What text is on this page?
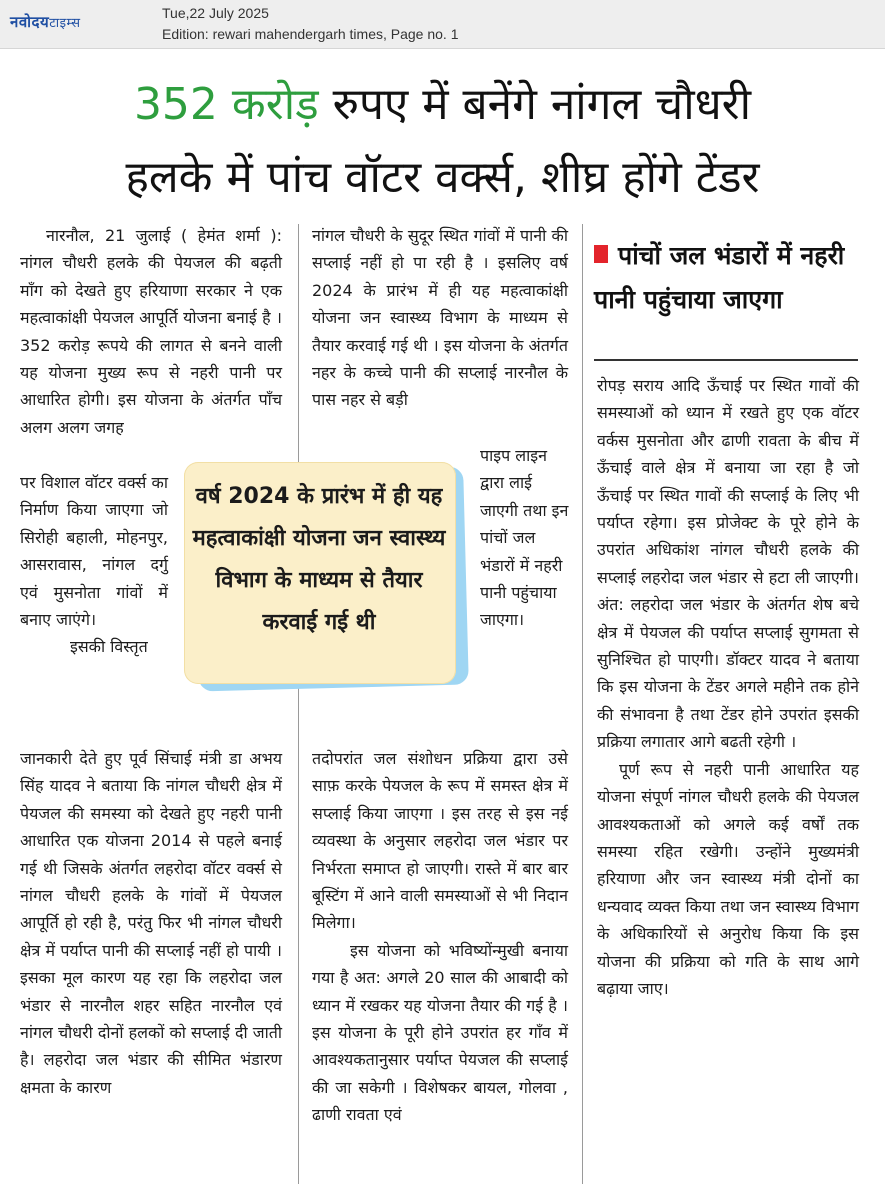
नवोदयटाइम्स
Tue,22 July 2025
Edition: rewari mahendergarh times, Page no. 1
352 करोड़ रुपए में बनेंगे नांगल चौधरी
हलके में पांच वॉटर वर्क्स, शीघ्र होंगे टेंडर

नारनौल, 21 जुलाई ( हेमंत शर्मा ): नांगल चौधरी हलके की पेयजल की बढ़ती माँग को देखते हुए हरियाणा सरकार ने एक महत्वाकांक्षी पेयजल आपूर्ति योजना बनाई है । 352 करोड़ रूपये की लागत से बनने वाली यह योजना मुख्य रूप से नहरी पानी पर आधारित होगी। इस योजना के अंतर्गत पाँच अलग अलग जगह

पर विशाल वॉटर वर्क्स का निर्माण किया जाएगा जो सिरोही बहाली, मोहनपुर, आसरावास, नांगल दर्गु एवं मुसनोता गांवों में बनाए जाएंगे।

इसकी विस्तृत

जानकारी देते हुए पूर्व सिंचाई मंत्री डा अभय सिंह यादव ने बताया कि नांगल चौधरी क्षेत्र में पेयजल की समस्या को देखते हुए नहरी पानी आधारित एक योजना 2014 से पहले बनाई गई थी जिसके अंतर्गत लहरोदा वॉटर वर्क्स से नांगल चौधरी हलके के गांवों में पेयजल आपूर्ति हो रही है, परंतु फिर भी नांगल चौधरी क्षेत्र में पर्याप्त पानी की सप्लाई नहीं हो पायी । इसका मूल कारण यह रहा कि लहरोदा जल भंडार से नारनौल शहर सहित नारनौल एवं नांगल चौधरी दोनों हलकों को सप्लाई दी जाती है। लहरोदा जल भंडार की सीमित भंडारण क्षमता के कारण

नांगल चौधरी के सुदूर स्थित गांवों में पानी की सप्लाई नहीं हो पा रही है । इसलिए वर्ष 2024 के प्रारंभ में ही यह महत्वाकांक्षी योजना जन स्वास्थ्य विभाग के माध्यम से तैयार करवाई गई थी । इस योजना के अंतर्गत नहर के कच्चे पानी की सप्लाई नारनौल के पास नहर से बड़ी

पाइप लाइन द्वारा लाई जाएगी तथा इन पांचों जल भंडारों में नहरी पानी पहुंचाया जाएगा।

तदोपरांत जल संशोधन प्रक्रिया द्वारा उसे साफ़ करके पेयजल के रूप में समस्त क्षेत्र में सप्लाई किया जाएगा । इस तरह से इस नई व्यवस्था के अनुसार लहरोदा जल भंडार पर निर्भरता समाप्त हो जाएगी। रास्ते में बार बार बूस्टिंग में आने वाली समस्याओं से भी निदान मिलेगा।

इस योजना को भविष्योंन्मुखी बनाया गया है अत: अगले 20 साल की आबादी को ध्यान में रखकर यह योजना तैयार की गई है । इस योजना के पूरी होने उपरांत हर गाँव में आवश्यकतानुसार पर्याप्त पेयजल की सप्लाई की जा सकेगी । विशेषकर बायल, गोलवा , ढाणी रावता एवं

पांचों जल भंडारों में नहरी पानी पहुंचाया जाएगा

रोपड़ सराय आदि ऊँचाई पर स्थित गावों की समस्याओं को ध्यान में रखते हुए एक वॉटर वर्कस मुसनोता और ढाणी रावता के बीच में ऊँचाई वाले क्षेत्र में बनाया जा रहा है जो ऊँचाई पर स्थित गावों की सप्लाई के लिए भी पर्याप्त रहेगा। इस प्रोजेक्ट के पूरे होने के उपरांत अधिकांश नांगल चौधरी हलके की सप्लाई लहरोदा जल भंडार से हटा ली जाएगी। अंत: लहरोदा जल भंडार के अंतर्गत शेष बचे क्षेत्र में पेयजल की पर्याप्त सप्लाई सुगमता से सुनिश्चित हो पाएगी। डॉक्टर यादव ने बताया कि इस योजना के टेंडर अगले महीने तक होने की संभावना है तथा टेंडर होने उपरांत इसकी प्रक्रिया लगातार आगे बढती रहेगी ।

पूर्ण रूप से नहरी पानी आधारित यह योजना संपूर्ण नांगल चौधरी हलके की पेयजल आवश्यकताओं को अगले कई वर्षों तक समस्या रहित रखेगी। उन्होंने मुख्यमंत्री हरियाणा और जन स्वास्थ्य मंत्री दोनों का धन्यवाद व्यक्त किया तथा जन स्वास्थ्य विभाग के अधिकारियों से अनुरोध किया कि इस योजना की प्रक्रिया को गति के साथ आगे बढ़ाया जाए।

वर्ष 2024 के प्रारंभ में ही यह महत्वाकांक्षी योजना जन स्वास्थ्य विभाग के माध्यम से तैयार करवाई गई थी
